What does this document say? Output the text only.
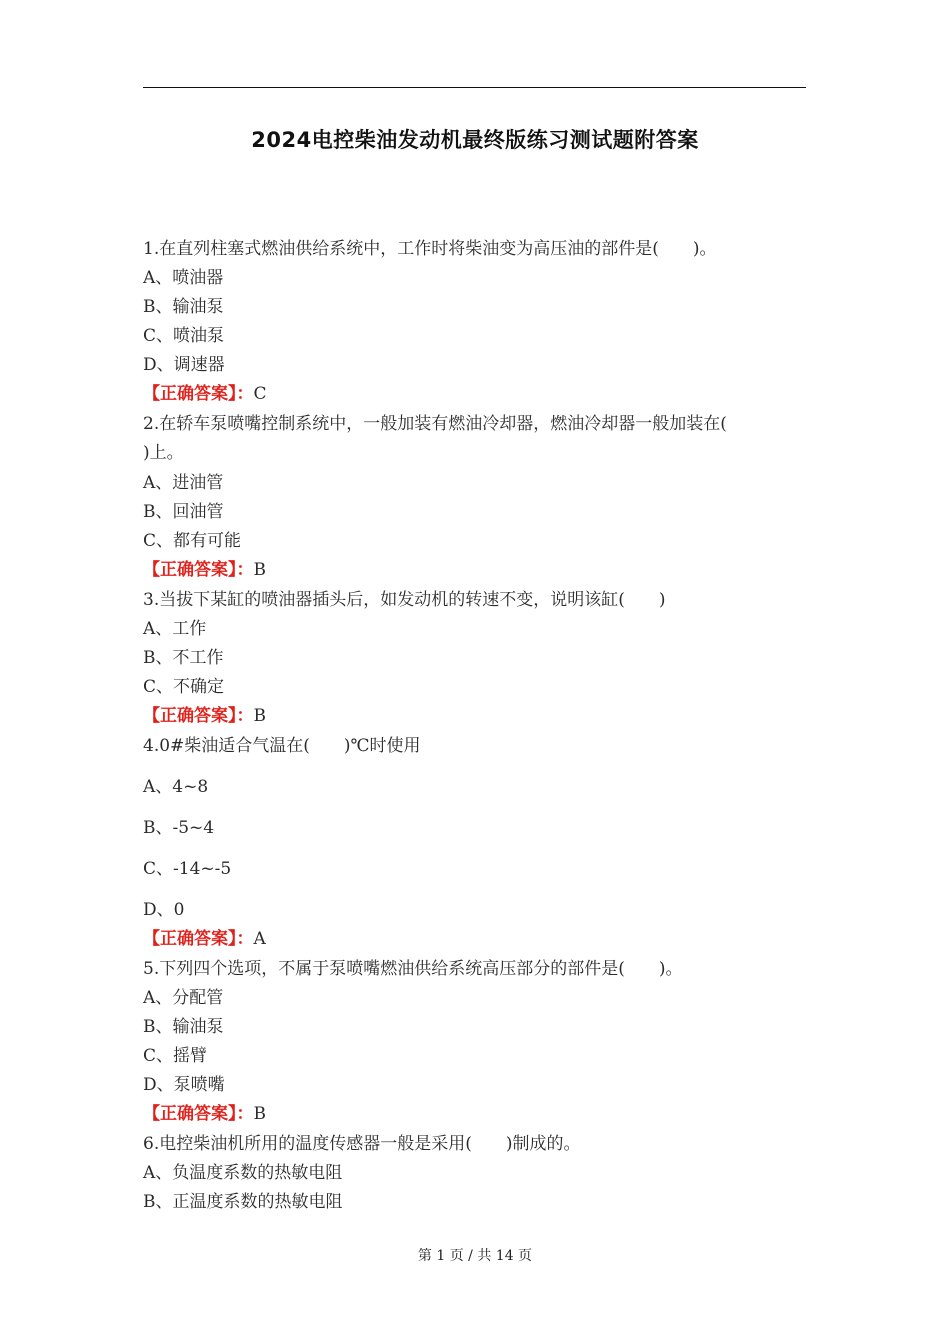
2024电控柴油发动机最终版练习测试题附答案
1.在直列柱塞式燃油供给系统中，工作时将柴油变为高压油的部件是(　　)。
A、喷油器
B、输油泵
C、喷油泵
D、调速器
【正确答案】：C
2.在轿车泵喷嘴控制系统中，一般加装有燃油冷却器，燃油冷却器一般加装在(
)上。
A、进油管
B、回油管
C、都有可能
【正确答案】：B
3.当拔下某缸的喷油器插头后，如发动机的转速不变，说明该缸(　　)
A、工作
B、不工作
C、不确定
【正确答案】：B
4.0#柴油适合气温在(　　)℃时使用
A、4~8
B、-5~4
C、-14~-5
D、0
【正确答案】：A
5.下列四个选项，不属于泵喷嘴燃油供给系统高压部分的部件是(　　)。
A、分配管
B、输油泵
C、摇臂
D、泵喷嘴
【正确答案】：B
6.电控柴油机所用的温度传感器一般是采用(　　)制成的。
A、负温度系数的热敏电阻
B、正温度系数的热敏电阻
第 1 页 / 共 14 页
